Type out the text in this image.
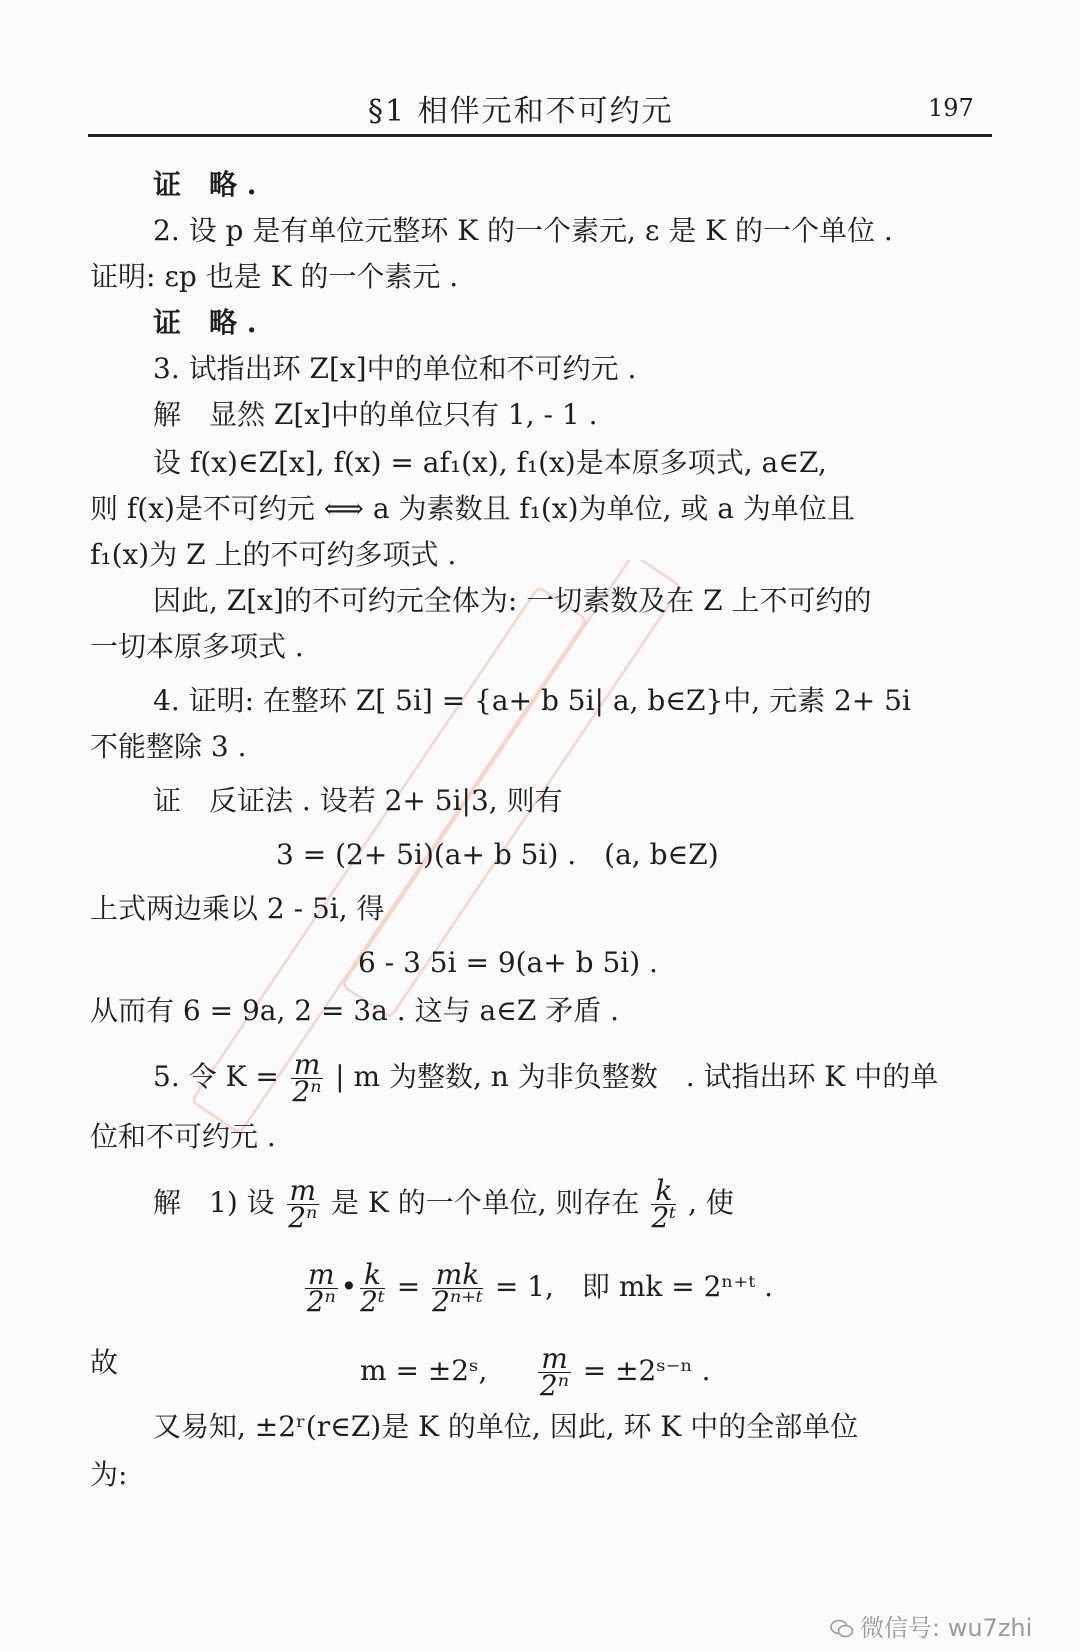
§1 相伴元和不可约元	197
证　略 .
2. 设 p 是有单位元整环 K 的一个素元, ε 是 K 的一个单位 .
证明: εp 也是 K 的一个素元 .
证　略 .
3. 试指出环 Z[x]中的单位和不可约元 .
解　显然 Z[x]中的单位只有 1, - 1 .
设 f(x)∈Z[x], f(x) = af₁(x), f₁(x)是本原多项式, a∈Z,
则 f(x)是不可约元 ⟺ a 为素数且 f₁(x)为单位, 或 a 为单位且
f₁(x)为 Z 上的不可约多项式 .
因此, Z[x]的不可约元全体为: 一切素数及在 Z 上不可约的
一切本原多项式 .
4. 证明: 在整环 Z[ 5i] = {a+ b 5i| a, b∈Z}中, 元素 2+ 5i
不能整除 3 .
证　反证法 . 设若 2+ 5i|3, 则有
3 = (2+ 5i)(a+ b 5i) .　(a, b∈Z)
上式两边乘以 2 - 5i, 得
6 - 3 5i = 9(a+ b 5i) .
从而有 6 = 9a, 2 = 3a . 这与 a∈Z 矛盾 .
5. 令 $K = \frac{m}{\text{2ⁿ}}$ | m 为整数, n 为非负整数　. 试指出环 K 中的单
位和不可约元 .
解　1) 设 $\frac{m}{\text{2ⁿ}}$ 是 K 的一个单位, 则存在 $\frac{k}{\text{2ᵗ}}$ , 使
$\frac{m}{\text{2ⁿ}}$ • $\frac{k}{\text{2ᵗ}} = \frac{mk}{\text{2ⁿ⁺ᵗ}} = 1$,　即 mk = 2ⁿ⁺ᵗ .
故	m = ±2ˢ, $\frac{m}{\text{2ⁿ}}$ = ±2ˢ⁻ⁿ .
又易知, ±2ʳ(r∈Z)是 K 的单位, 因此, 环 K 中的全部单位
为:
微信号: wu7zhi
